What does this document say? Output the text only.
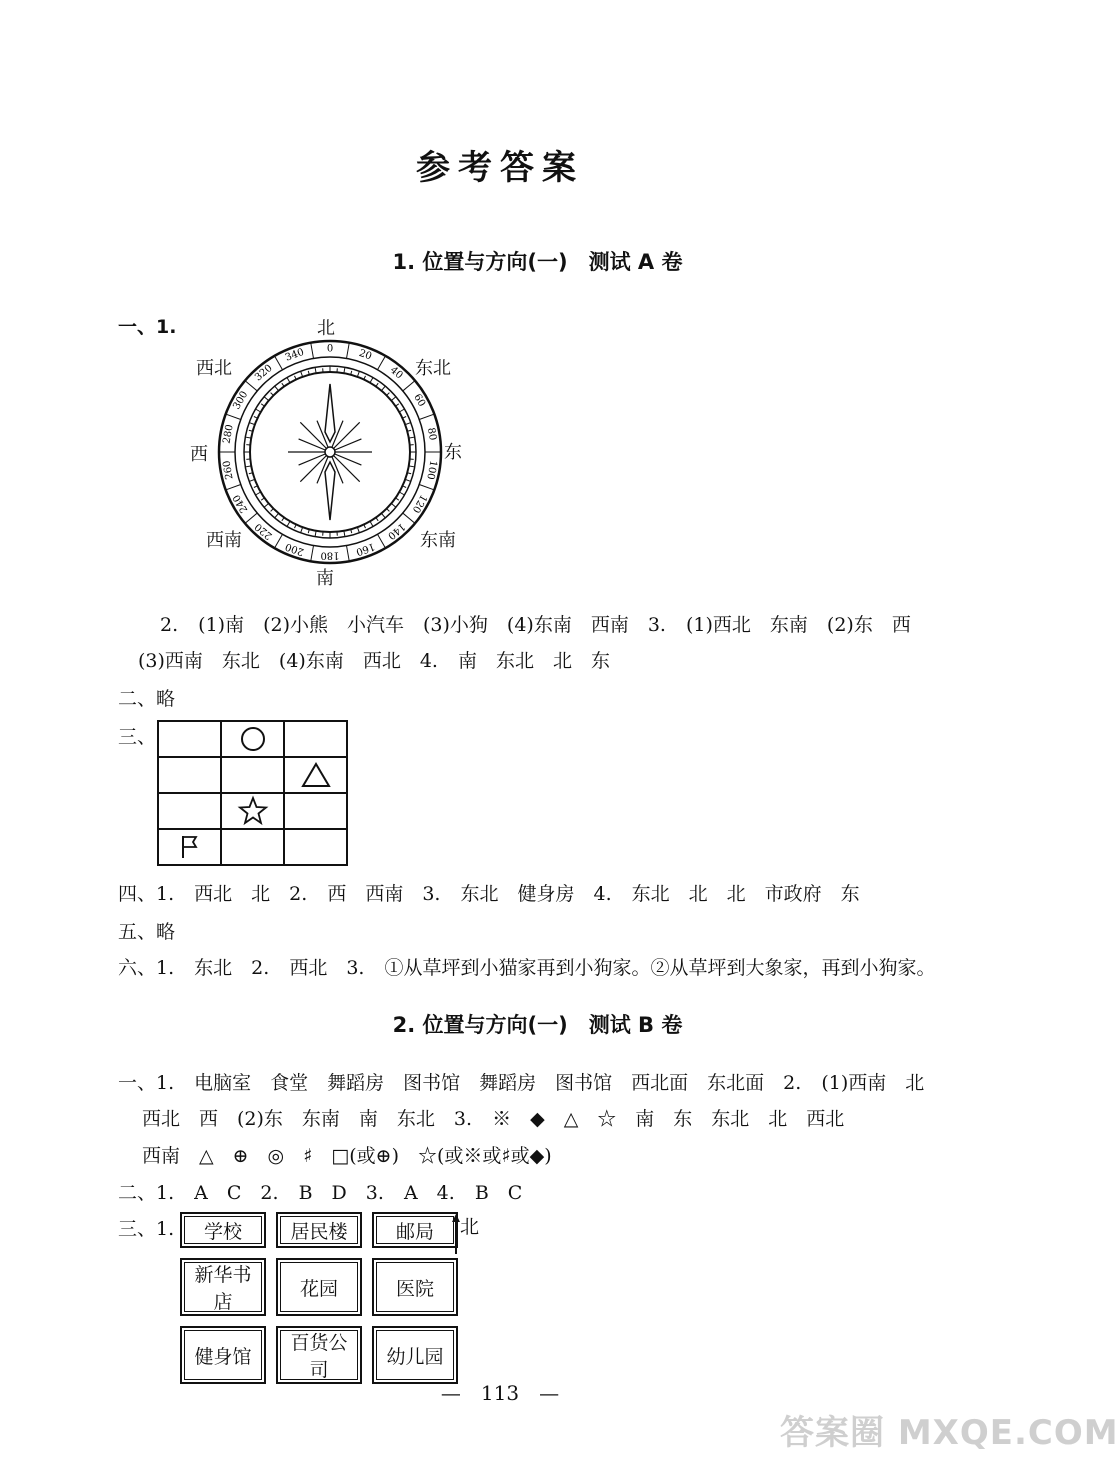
参考答案
1. 位置与方向(一)　测试 A 卷
一、1.	北
东北
东
东南
南
西南
西
西北
0 20
40
60
80
100
120
140
160
180
200
220
240
260
280
300
320
340
2. (1)南　(2)小熊　小汽车　(3)小狗　(4)东南　西南　3. (1)西北　东南　(2)东　西
(3)西南　东北　(4)东南　西北　4. 南　东北　北　东
二、略
三、

四、1. 西北　北　2. 西　西南　3. 东北　健身房　4. 东北　北　北　市政府　东
五、略
六、1. 东北　2. 西北　3. ①从草坪到小猫家再到小狗家。②从草坪到大象家，再到小狗家。
2. 位置与方向(一)　测试 B 卷
一、1. 电脑室　食堂　舞蹈房　图书馆　舞蹈房　图书馆　西北面　东北面　2. (1)西南　北
西北　西　(2)东　东南　南　东北　3. ※　◆　△　☆　南　东　东北　北　西北
西南　△　⊕　◎　♯　□(或⊕)　☆(或※或♯或◆)
二、1. A　C　2. B　D　3. A　4. B　C
三、1. 学校	居民楼	邮局
新华书店	花园	医院
健身馆	百货公司	幼儿园
北
—　113　—
答案圈 MXQE.COM
